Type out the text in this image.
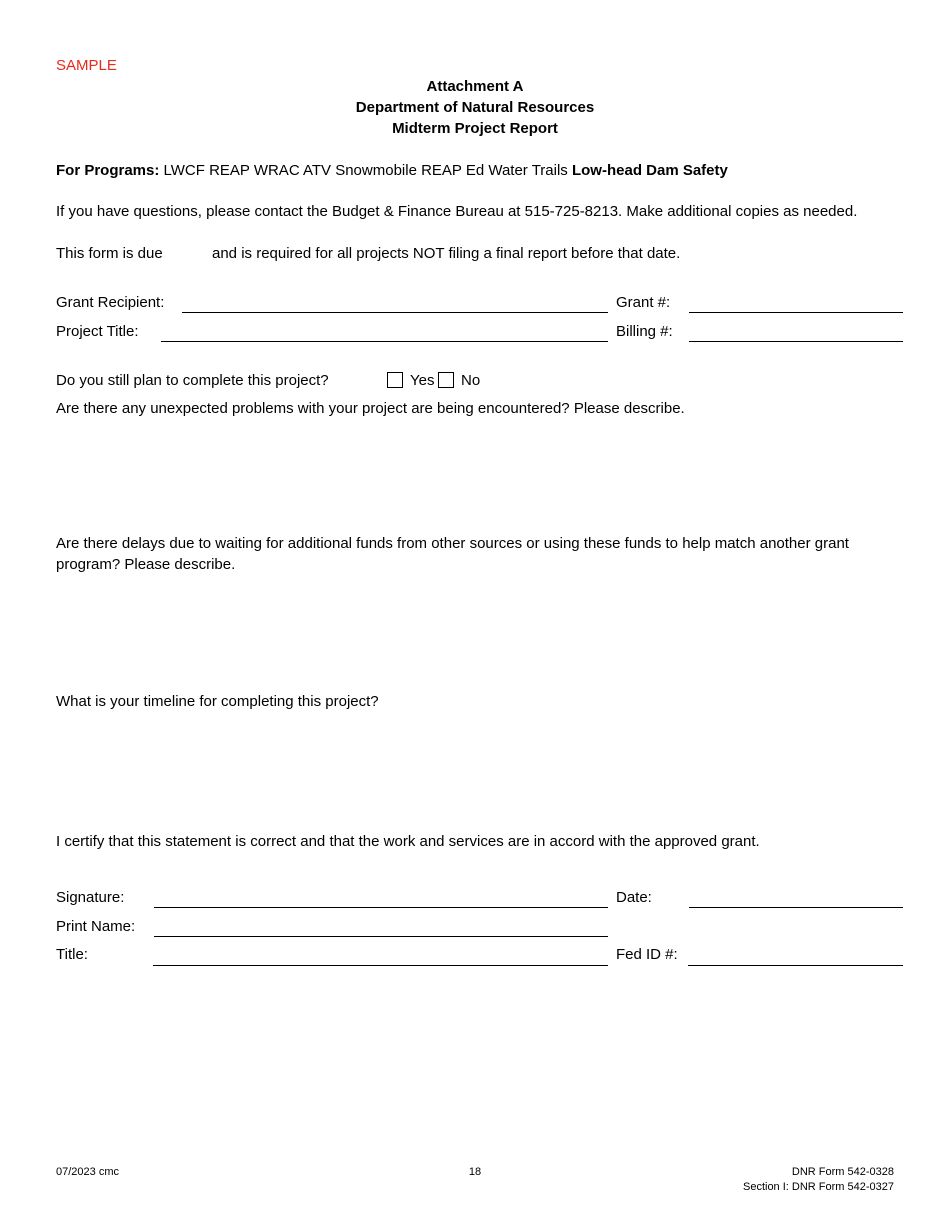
SAMPLE
Attachment A
Department of Natural Resources
Midterm Project Report
For Programs: LWCF REAP WRAC ATV Snowmobile REAP Ed Water Trails Low-head Dam Safety
If you have questions, please contact the Budget & Finance Bureau at 515-725-8213. Make additional copies as needed.
This form is due	and is required for all projects NOT filing a final report before that date.
Grant Recipient:	Grant #:
Project Title:	Billing #:
Do you still plan to complete this project?	Yes No
Are there any unexpected problems with your project are being encountered? Please describe.
Are there delays due to waiting for additional funds from other sources or using these funds to help match another grant program? Please describe.
What is your timeline for completing this project?
I certify that this statement is correct and that the work and services are in accord with the approved grant.
Signature:	Date:
Print Name:
Title:	Fed ID #:
07/2023 cmc	18	DNR Form 542-0328
Section I: DNR Form 542-0327
